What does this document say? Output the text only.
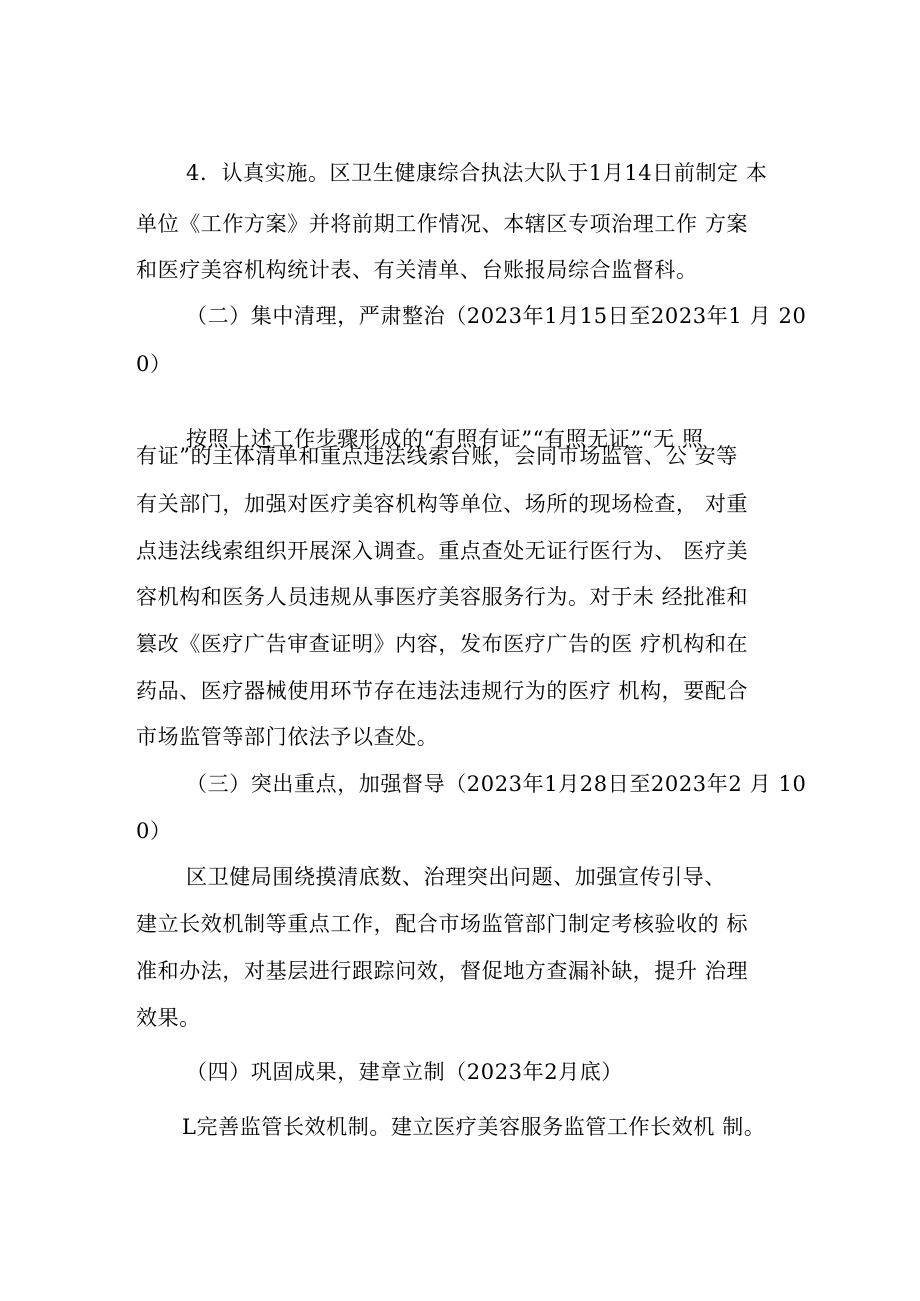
4．认真实施。区卫生健康综合执法大队于1月14日前制定 本
单位《工作方案》并将前期工作情况、本辖区专项治理工作 方案
和医疗美容机构统计表、有关清单、台账报局综合监督科。
（二）集中清理，严肃整治（2023年1月15日至2023年1 月 20
0）
按照上述工作步骤形成的“有照有证”“有照无证”“无 照
有证”的主体清单和重点违法线索台账，会同市场监管、公 安等
有关部门，加强对医疗美容机构等单位、场所的现场检查， 对重
点违法线索组织开展深入调查。重点查处无证行医行为、 医疗美
容机构和医务人员违规从事医疗美容服务行为。对于未 经批准和
篡改《医疗广告审查证明》内容，发布医疗广告的医 疗机构和在
药品、医疗器械使用环节存在违法违规行为的医疗 机构，要配合
市场监管等部门依法予以查处。
（三）突出重点，加强督导（2023年1月28日至2023年2 月 10
0）
区卫健局围绕摸清底数、治理突出问题、加强宣传引导、
建立长效机制等重点工作，配合市场监管部门制定考核验收的 标
准和办法，对基层进行跟踪问效，督促地方查漏补缺，提升 治理
效果。
（四）巩固成果，建章立制（2023年2月底）
L完善监管长效机制。建立医疗美容服务监管工作长效机 制。
